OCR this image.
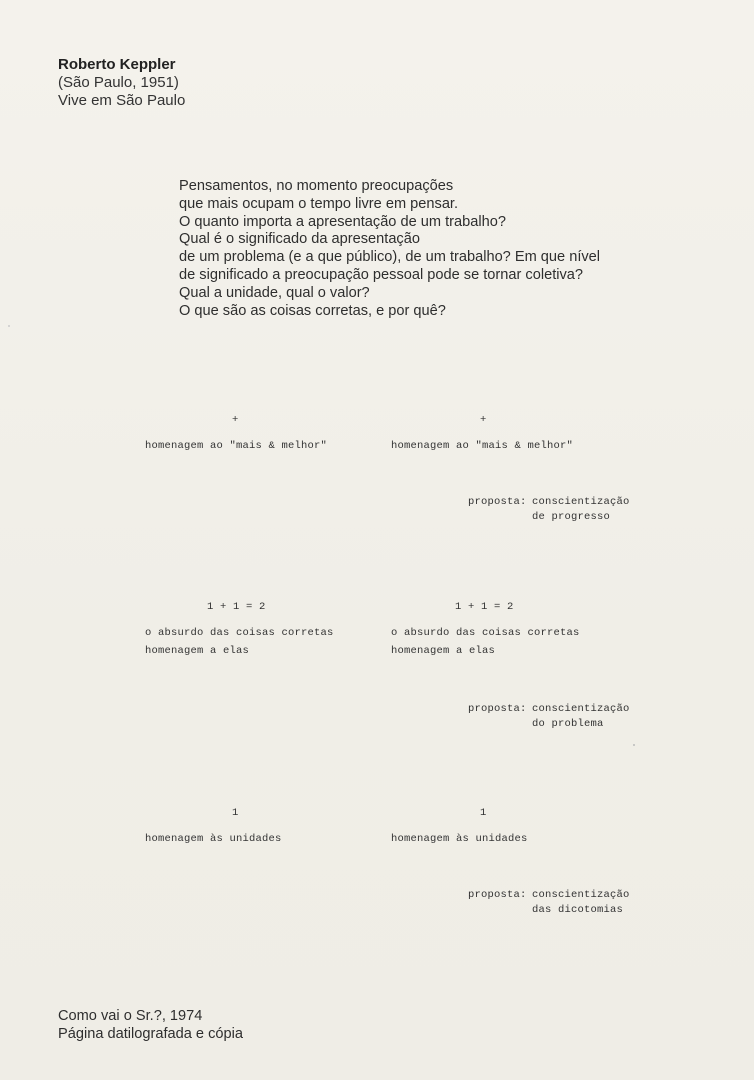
Roberto Keppler
(São Paulo, 1951)
Vive em São Paulo
Pensamentos, no momento preocupações
que mais ocupam o tempo livre em pensar.
O quanto importa a apresentação de um trabalho?
Qual é o significado da apresentação
de um problema (e a que público), de um trabalho? Em que nível
de significado a preocupação pessoal pode se tornar coletiva?
Qual a unidade, qual o valor?
O que são as coisas corretas, e por quê?
+
homenagem ao "mais & melhor"
+
homenagem ao "mais & melhor"
proposta: conscientização
de progresso
1 + 1 = 2
o absurdo das coisas corretas
homenagem a elas
1 + 1 = 2
o absurdo das coisas corretas
homenagem a elas
proposta: conscientização
do problema
1
homenagem às unidades
1
homenagem às unidades
proposta: conscientização
das dicotomias
Como vai o Sr.?, 1974
Página datilografada e cópia
